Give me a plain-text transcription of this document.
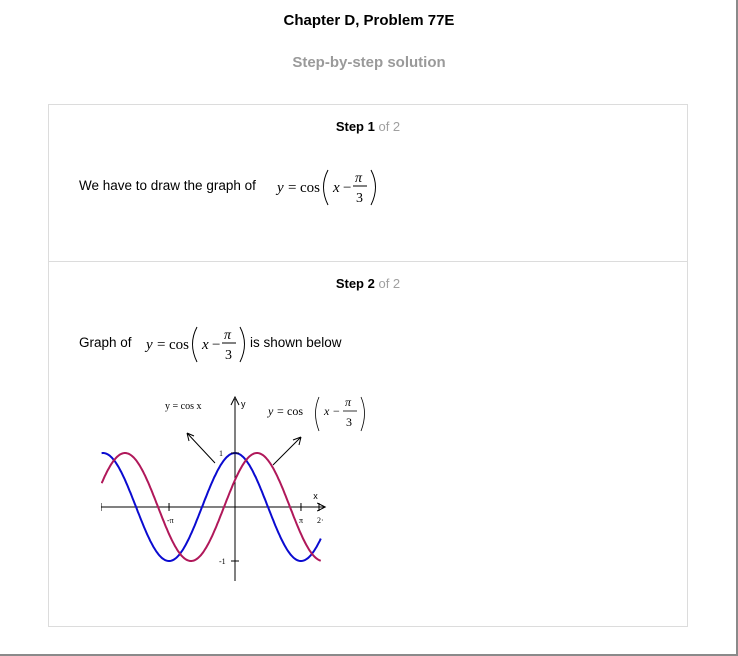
Chapter D, Problem 77E
Step-by-step solution
Step 1 of 2
We have to draw the graph of y = cos x −
π
3
Step 2 of 2
Graph of y = cos x −
π
3
is shown below
y
x
-π	π 2·
1
-1
y = cos x	y = cos x −
π
3
